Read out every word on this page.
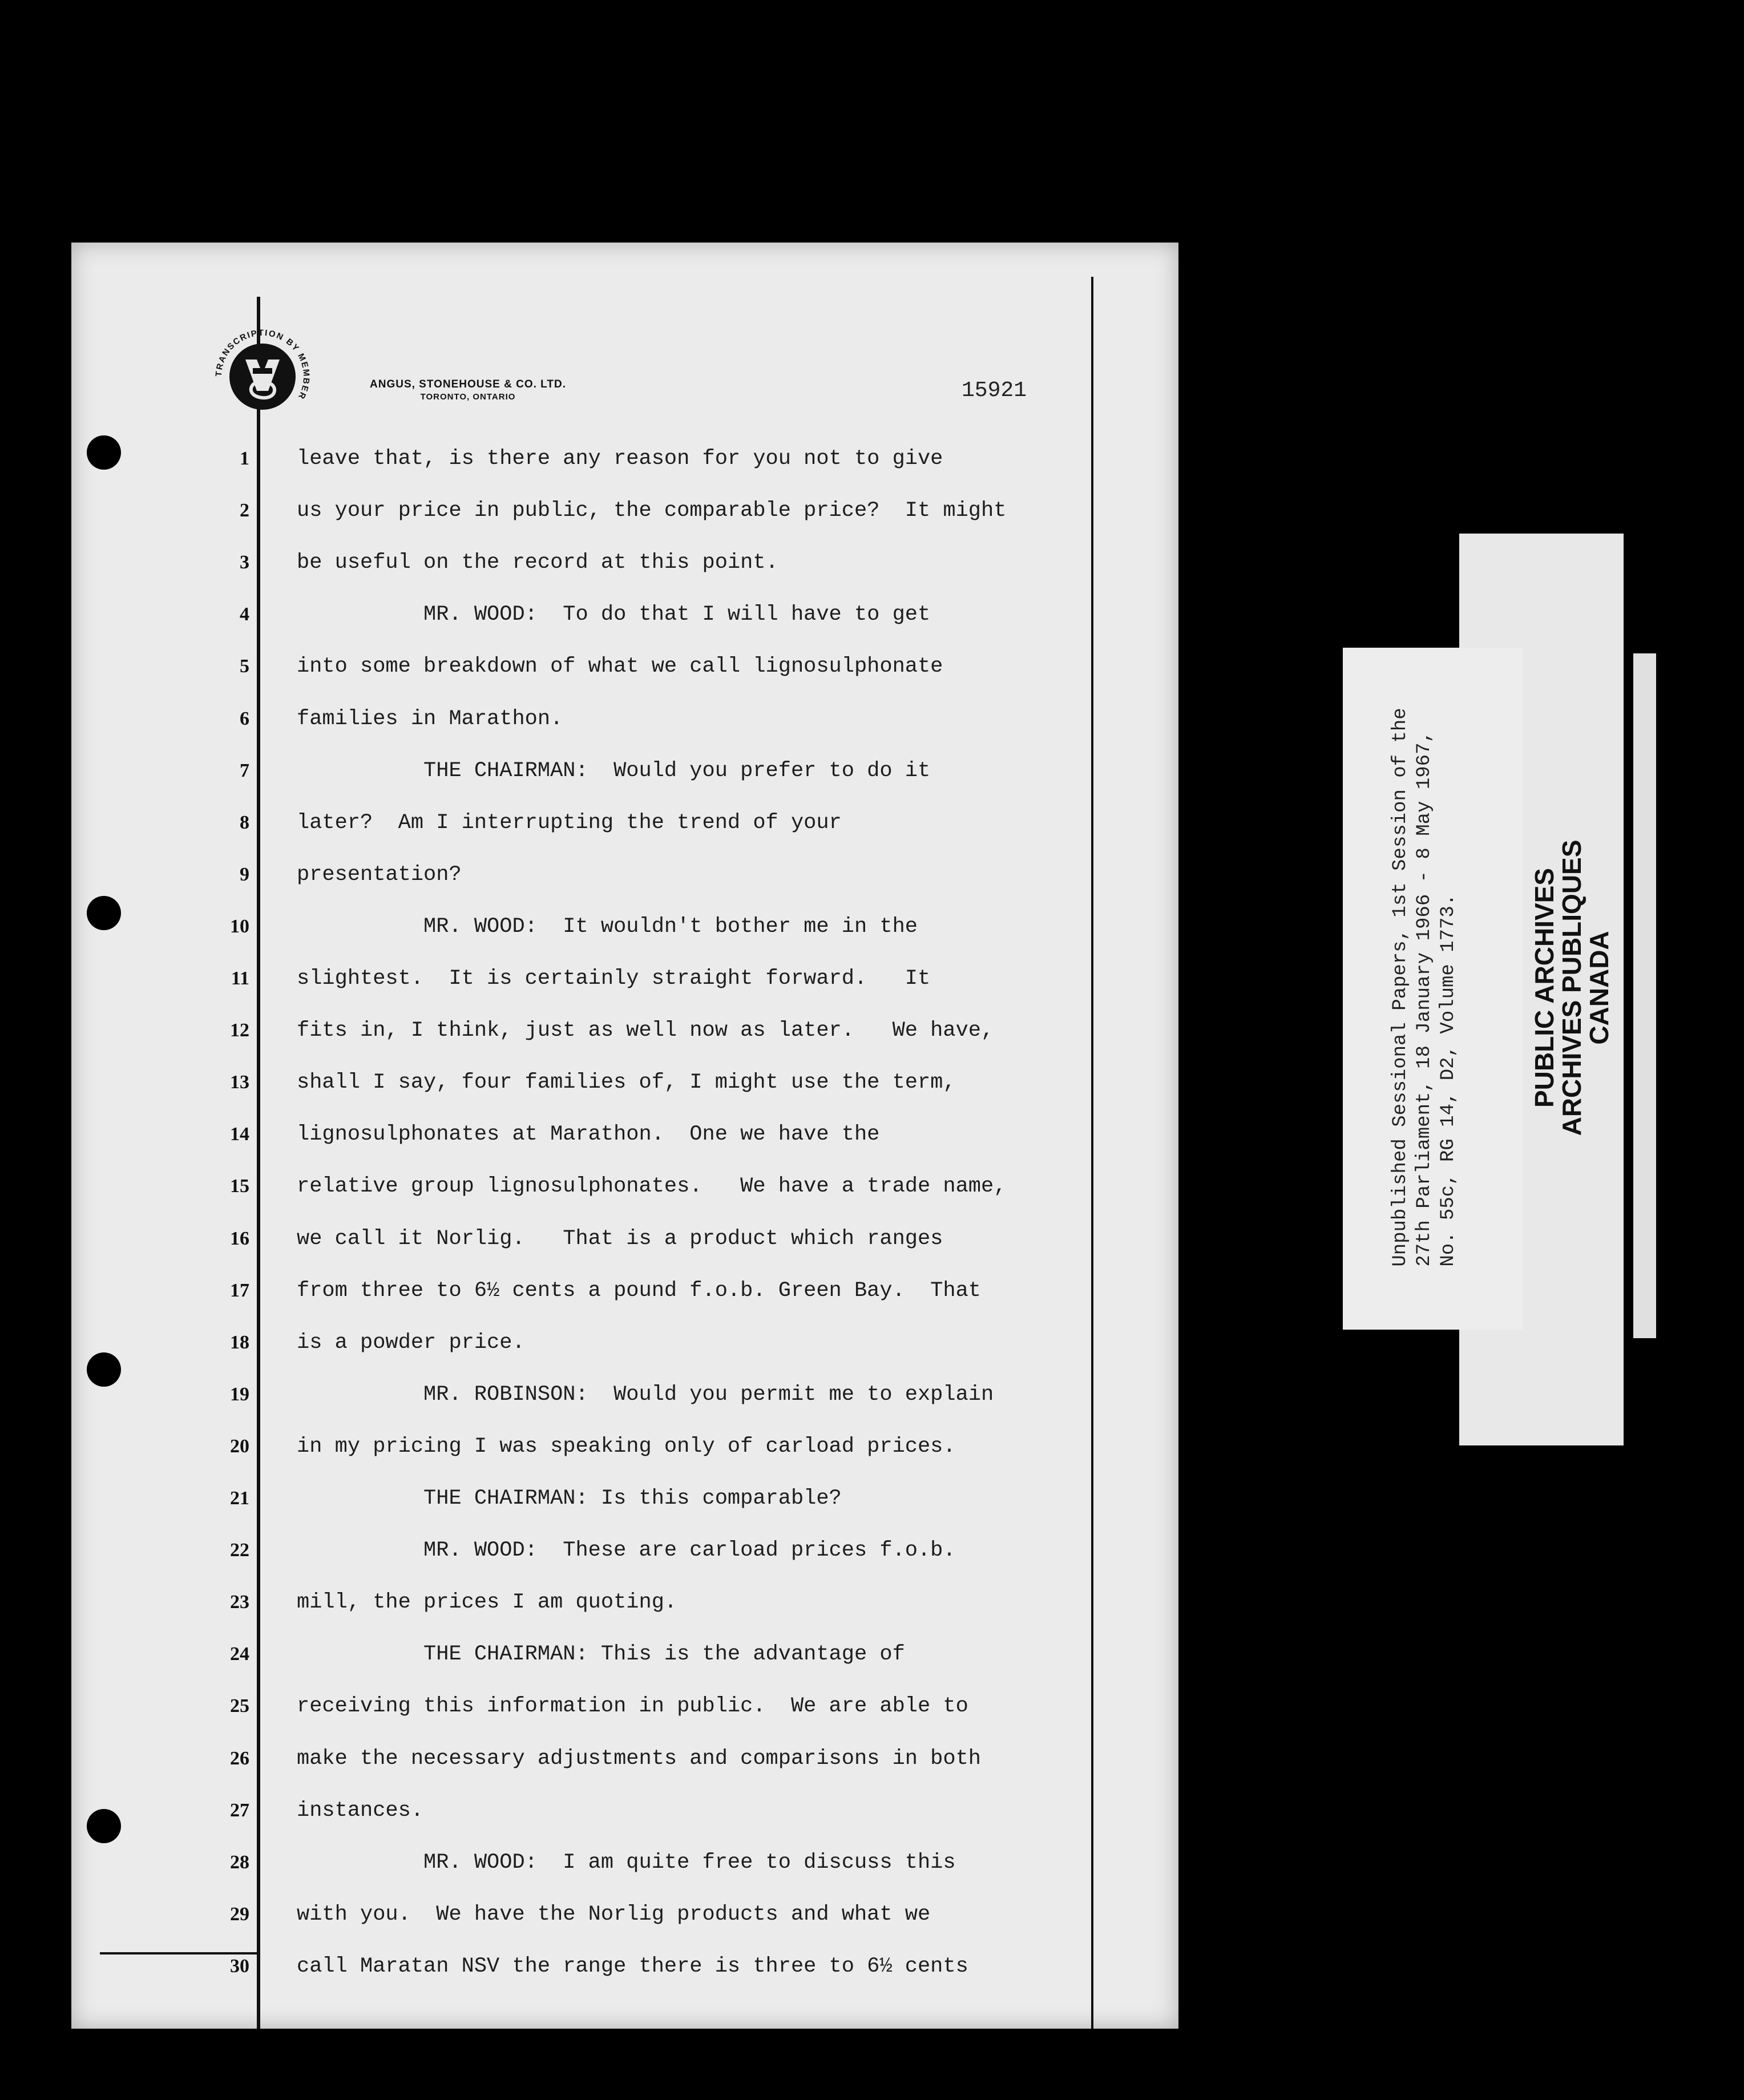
TRANSCRIPTION BY MEMBER
ANGUS, STONEHOUSE & CO. LTD.
TORONTO, ONTARIO	15921
1 leave that, is there any reason for you not to give
2 us your price in public, the comparable price?  It might
3 be useful on the record at this point.
4 MR. WOOD:  To do that I will have to get
5 into some breakdown of what we call lignosulphonate
6 families in Marathon.
7 THE CHAIRMAN:  Would you prefer to do it
8 later?  Am I interrupting the trend of your
9 presentation?
10 MR. WOOD:  It wouldn't bother me in the
11 slightest.  It is certainly straight forward.   It
12 fits in, I think, just as well now as later.   We have,
13 shall I say, four families of, I might use the term,
14 lignosulphonates at Marathon.  One we have the
15 relative group lignosulphonates.   We have a trade name,
16 we call it Norlig.   That is a product which ranges
17 from three to 6½ cents a pound f.o.b. Green Bay.  That
18 is a powder price.
19 MR. ROBINSON:  Would you permit me to explain
20 in my pricing I was speaking only of carload prices.
21 THE CHAIRMAN: Is this comparable?
22 MR. WOOD:  These are carload prices f.o.b.
23 mill, the prices I am quoting.
24 THE CHAIRMAN: This is the advantage of
25 receiving this information in public.  We are able to
26 make the necessary adjustments and comparisons in both
27 instances.
28 MR. WOOD:  I am quite free to discuss this
29 with you.  We have the Norlig products and what we
30 call Maratan NSV the range there is three to 6½ cents
Unpublished Sessional Papers, 1st Session of the 27th Parliament, 18 January 1966 - 8 May 1967, No. 55c, RG 14, D2, Volume 1773.	PUBLIC ARCHIVES
ARCHIVES PUBLIQUES
CANADA
